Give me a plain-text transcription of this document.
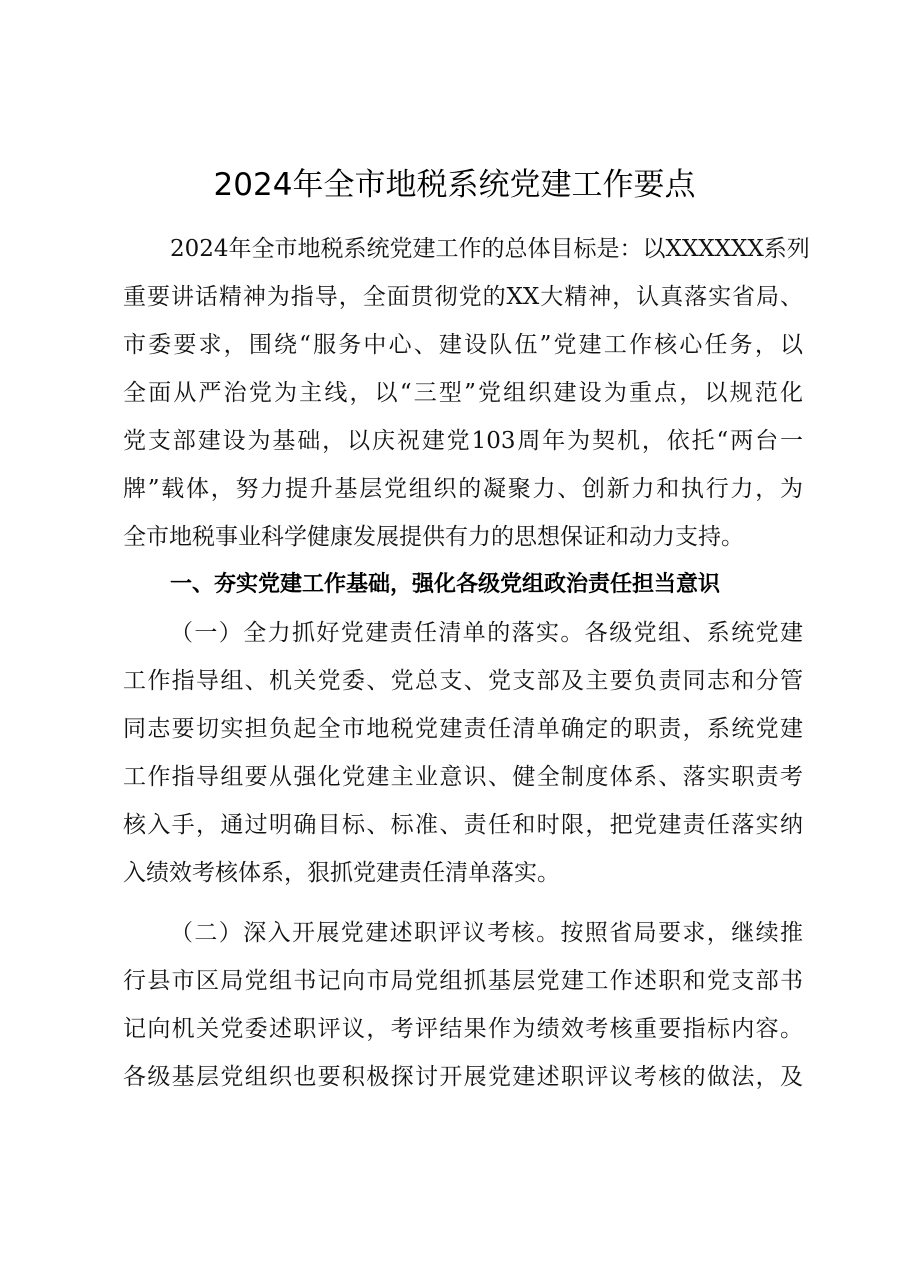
2024年全市地税系统党建工作要点

2024年全市地税系统党建工作的总体目标是：以XXXXXX系列

重要讲话精神为指导，全面贯彻党的XX大精神，认真落实省局、

市委要求，围绕“服务中心、建设队伍”党建工作核心任务，以

全面从严治党为主线，以“三型”党组织建设为重点，以规范化

党支部建设为基础，以庆祝建党103周年为契机，依托“两台一

牌”载体，努力提升基层党组织的凝聚力、创新力和执行力，为

全市地税事业科学健康发展提供有力的思想保证和动力支持。

一、夯实党建工作基础，强化各级党组政治责任担当意识

（一）全力抓好党建责任清单的落实。各级党组、系统党建

工作指导组、机关党委、党总支、党支部及主要负责同志和分管

同志要切实担负起全市地税党建责任清单确定的职责，系统党建

工作指导组要从强化党建主业意识、健全制度体系、落实职责考

核入手，通过明确目标、标准、责任和时限，把党建责任落实纳

入绩效考核体系，狠抓党建责任清单落实。

（二）深入开展党建述职评议考核。按照省局要求，继续推

行县市区局党组书记向市局党组抓基层党建工作述职和党支部书

记向机关党委述职评议，考评结果作为绩效考核重要指标内容。

各级基层党组织也要积极探讨开展党建述职评议考核的做法，及
